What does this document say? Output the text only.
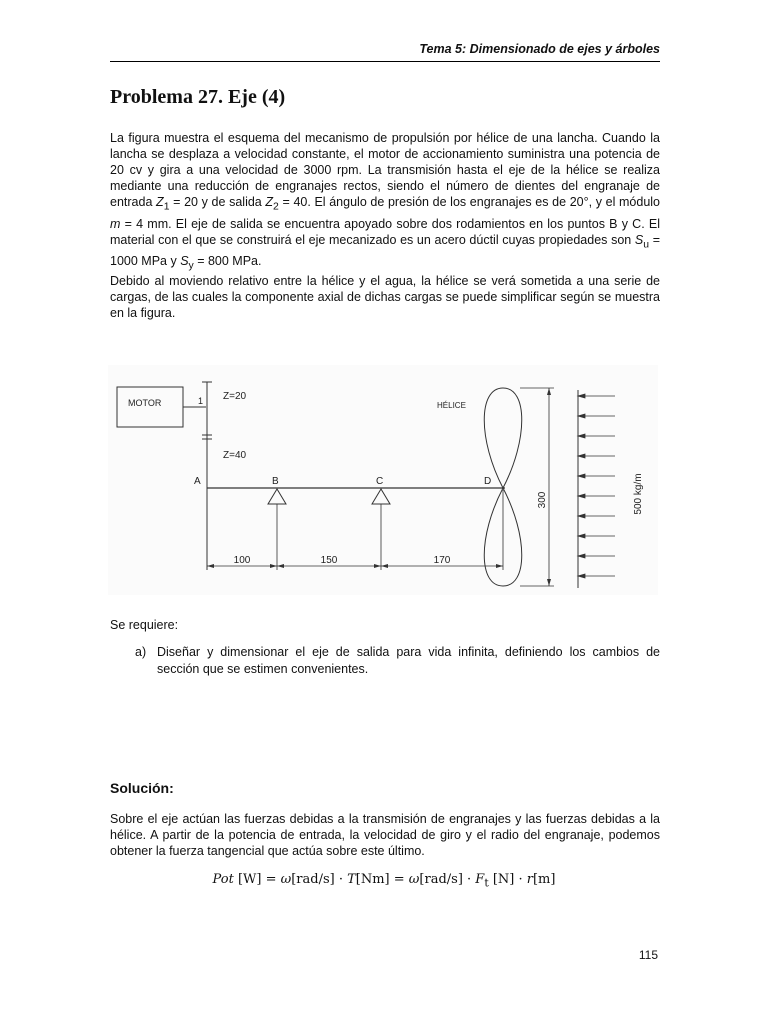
Tema 5: Dimensionado de ejes y árboles
Problema 27. Eje (4)

La figura muestra el esquema del mecanismo de propulsión por hélice de una lancha. Cuando la lancha se desplaza a velocidad constante, el motor de accionamiento suministra una potencia de 20 cv y gira a una velocidad de 3000 rpm. La transmisión hasta el eje de la hélice se realiza mediante una reducción de engranajes rectos, siendo el número de dientes del engranaje de entrada $Z_1 = 20$ y de salida $Z_2 = 40$. El ángulo de presión de los engranajes es de 20°, y el módulo m = 4 mm. El eje de salida se encuentra apoyado sobre dos rodamientos en los puntos B y C. El material con el que se construirá el eje mecanizado es un acero dúctil cuyas propiedades son $S_u = 1000$ MPa y $S_y = 800$ MPa.

Debido al moviendo relativo entre la hélice y el agua, la hélice se verá sometida a una serie de cargas, de las cuales la componente axial de dichas cargas se puede simplificar según se muestra en la figura.

MOTOR	1 Z=20
Z=40
A	B	C	D
100	150	170
HÉLICE
300	500 kg/m

Se requiere:

a) Diseñar y dimensionar el eje de salida para vida infinita, definiendo los cambios de sección que se estimen convenientes.
Solución:

Sobre el eje actúan las fuerzas debidas a la transmisión de engranajes y las fuerzas debidas a la hélice. A partir de la potencia de entrada, la velocidad de giro y el radio del engranaje, podemos obtener la fuerza tangencial que actúa sobre este último.

Pot $[W] = \omega[rad/s] \cdot T[Nm] = \omega[rad/s] \cdot F_t$ [N] · r[m]
115
